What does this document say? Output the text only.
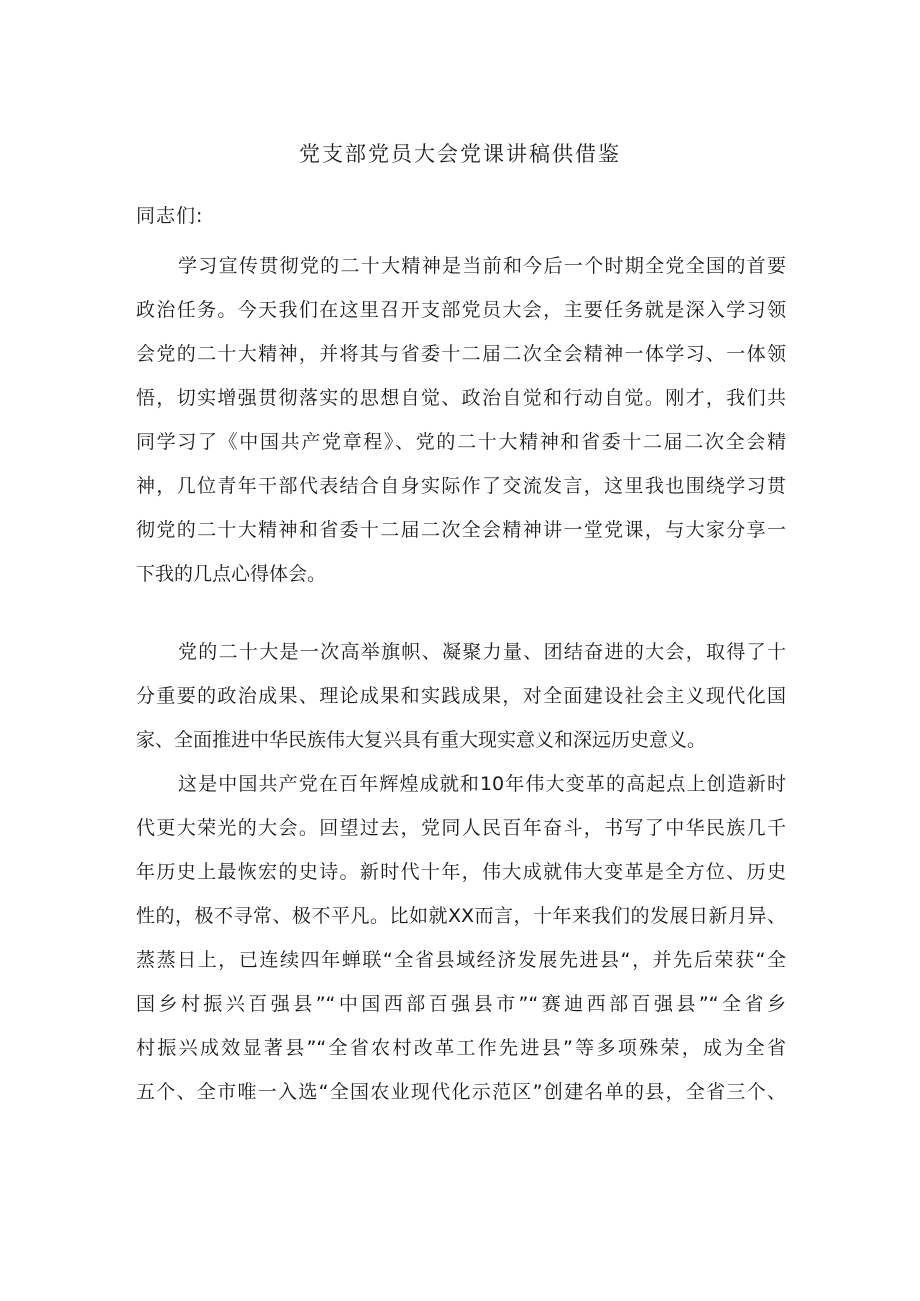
党支部党员大会党课讲稿供借鉴
同志们:
学习宣传贯彻党的二十大精神是当前和今后一个时期全党全国的首要
政治任务。今天我们在这里召开支部党员大会，主要任务就是深入学习领
会党的二十大精神，并将其与省委十二届二次全会精神一体学习、一体领
悟，切实增强贯彻落实的思想自觉、政治自觉和行动自觉。刚才，我们共
同学习了《中国共产党章程》、党的二十大精神和省委十二届二次全会精
神，几位青年干部代表结合自身实际作了交流发言，这里我也围绕学习贯
彻党的二十大精神和省委十二届二次全会精神讲一堂党课，与大家分享一
下我的几点心得体会。
党的二十大是一次高举旗帜、凝聚力量、团结奋进的大会，取得了十
分重要的政治成果、理论成果和实践成果，对全面建设社会主义现代化国
家、全面推进中华民族伟大复兴具有重大现实意义和深远历史意义。
这是中国共产党在百年辉煌成就和10年伟大变革的高起点上创造新时
代更大荣光的大会。回望过去，党同人民百年奋斗，书写了中华民族几千
年历史上最恢宏的史诗。新时代十年，伟大成就伟大变革是全方位、历史
性的，极不寻常、极不平凡。比如就XX而言，十年来我们的发展日新月异、
蒸蒸日上，已连续四年蝉联“全省县域经济发展先进县“，并先后荣获“全
国乡村振兴百强县”“中国西部百强县市”“赛迪西部百强县”“全省乡
村振兴成效显著县”“全省农村改革工作先进县”等多项殊荣，成为全省
五个、全市唯一入选“全国农业现代化示范区”创建名单的县，全省三个、
